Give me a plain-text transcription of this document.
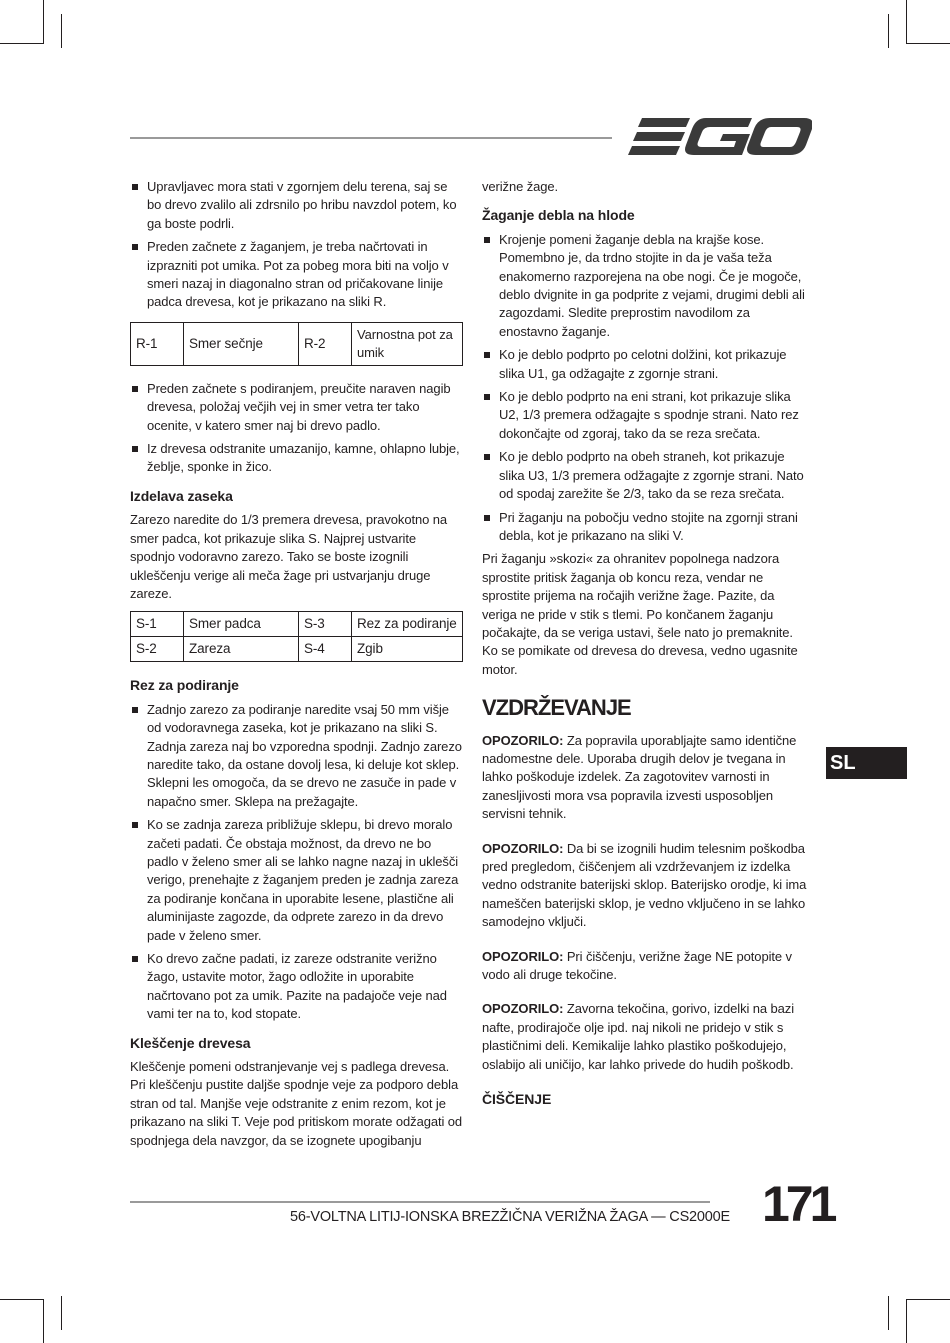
Upravljavec mora stati v zgornjem delu terena, saj se bo drevo zvalilo ali zdrsnilo po hribu navzdol potem, ko ga boste podrli.
Preden začnete z žaganjem, je treba načrtovati in izprazniti pot umika. Pot za pobeg mora biti na voljo v smeri nazaj in diagonalno stran od pričakovane linije padca drevesa, kot je prikazano na sliki R.
R-1	Smer sečnje	R-2	Varnostna pot za umik
Preden začnete s podiranjem, preučite naraven nagib drevesa, položaj večjih vej in smer vetra ter tako ocenite, v katero smer naj bi drevo padlo.
Iz drevesa odstranite umazanijo, kamne, ohlapno lubje, žeblje, sponke in žico.
Izdelava zaseka
Zarezo naredite do 1/3 premera drevesa, pravokotno na smer padca, kot prikazuje slika S. Najprej ustvarite spodnjo vodoravno zarezo. Tako se boste izognili ukleščenju verige ali meča žage pri ustvarjanju druge zareze.
S-1	Smer padca	S-3	Rez za podiranje
S-2	Zareza	S-4	Zgib
Rez za podiranje
Zadnjo zarezo za podiranje naredite vsaj 50 mm višje od vodoravnega zaseka, kot je prikazano na sliki S. Zadnja zareza naj bo vzporedna spodnji. Zadnjo zarezo naredite tako, da ostane dovolj lesa, ki deluje kot sklep. Sklepni les omogoča, da se drevo ne zasuče in pade v napačno smer. Sklepa na prežagajte.
Ko se zadnja zareza približuje sklepu, bi drevo moralo začeti padati. Če obstaja možnost, da drevo ne bo padlo v želeno smer ali se lahko nagne nazaj in uklešči verigo, prenehajte z žaganjem preden je zadnja zareza za podiranje končana in uporabite lesene, plastične ali aluminijaste zagozde, da odprete zarezo in da drevo pade v želeno smer.
Ko drevo začne padati, iz zareze odstranite verižno žago, ustavite motor, žago odložite in uporabite načrtovano pot za umik. Pazite na padajoče veje nad vami ter na to, kod stopate.
Kleščenje drevesa
Kleščenje pomeni odstranjevanje vej s padlega drevesa. Pri kleščenju pustite daljše spodnje veje za podporo debla stran od tal. Manjše veje odstranite z enim rezom, kot je prikazano na sliki T. Veje pod pritiskom morate odžagati od spodnjega dela navzgor, da se izognete upogibanju
verižne žage.
Žaganje debla na hlode
Krojenje pomeni žaganje debla na krajše kose. Pomembno je, da trdno stojite in da je vaša teža enakomerno razporejena na obe nogi. Če je mogoče, deblo dvignite in ga podprite z vejami, drugimi debli ali zagozdami. Sledite preprostim navodilom za enostavno žaganje.
Ko je deblo podprto po celotni dolžini, kot prikazuje slika U1, ga odžagajte z zgornje strani.
Ko je deblo podprto na eni strani, kot prikazuje slika U2, 1/3 premera odžagajte s spodnje strani. Nato rez dokončajte od zgoraj, tako da se reza srečata.
Ko je deblo podprto na obeh straneh, kot prikazuje slika U3, 1/3 premera odžagajte z zgornje strani. Nato od spodaj zarežite še 2/3, tako da se reza srečata.
Pri žaganju na pobočju vedno stojite na zgornji strani debla, kot je prikazano na sliki V.
Pri žaganju »skozi« za ohranitev popolnega nadzora sprostite pritisk žaganja ob koncu reza, vendar ne sprostite prijema na ročajih verižne žage. Pazite, da veriga ne pride v stik s tlemi. Po končanem žaganju počakajte, da se veriga ustavi, šele nato jo premaknite. Ko se pomikate od drevesa do drevesa, vedno ugasnite motor.
VZDRŽEVANJE
OPOZORILO: Za popravila uporabljajte samo identične nadomestne dele. Uporaba drugih delov je tvegana in lahko poškoduje izdelek. Za zagotovitev varnosti in zanesljivosti mora vsa popravila izvesti usposobljen servisni tehnik.
OPOZORILO: Da bi se izognili hudim telesnim poškodba pred pregledom, čiščenjem ali vzdrževanjem iz izdelka vedno odstranite baterijski sklop. Baterijsko orodje, ki ima nameščen baterijski sklop, je vedno vključeno in se lahko samodejno vključi.
OPOZORILO: Pri čiščenju, verižne žage NE potopite v vodo ali druge tekočine.
OPOZORILO: Zavorna tekočina, gorivo, izdelki na bazi nafte, prodirajoče olje ipd. naj nikoli ne pridejo v stik s plastičnimi deli. Kemikalije lahko plastiko poškodujejo, oslabijo ali uničijo, kar lahko privede do hudih poškodb.
ČIŠČENJE
SL
56-VOLTNA LITIJ-IONSKA BREZŽIČNA VERIŽNA ŽAGA — CS2000E 171
